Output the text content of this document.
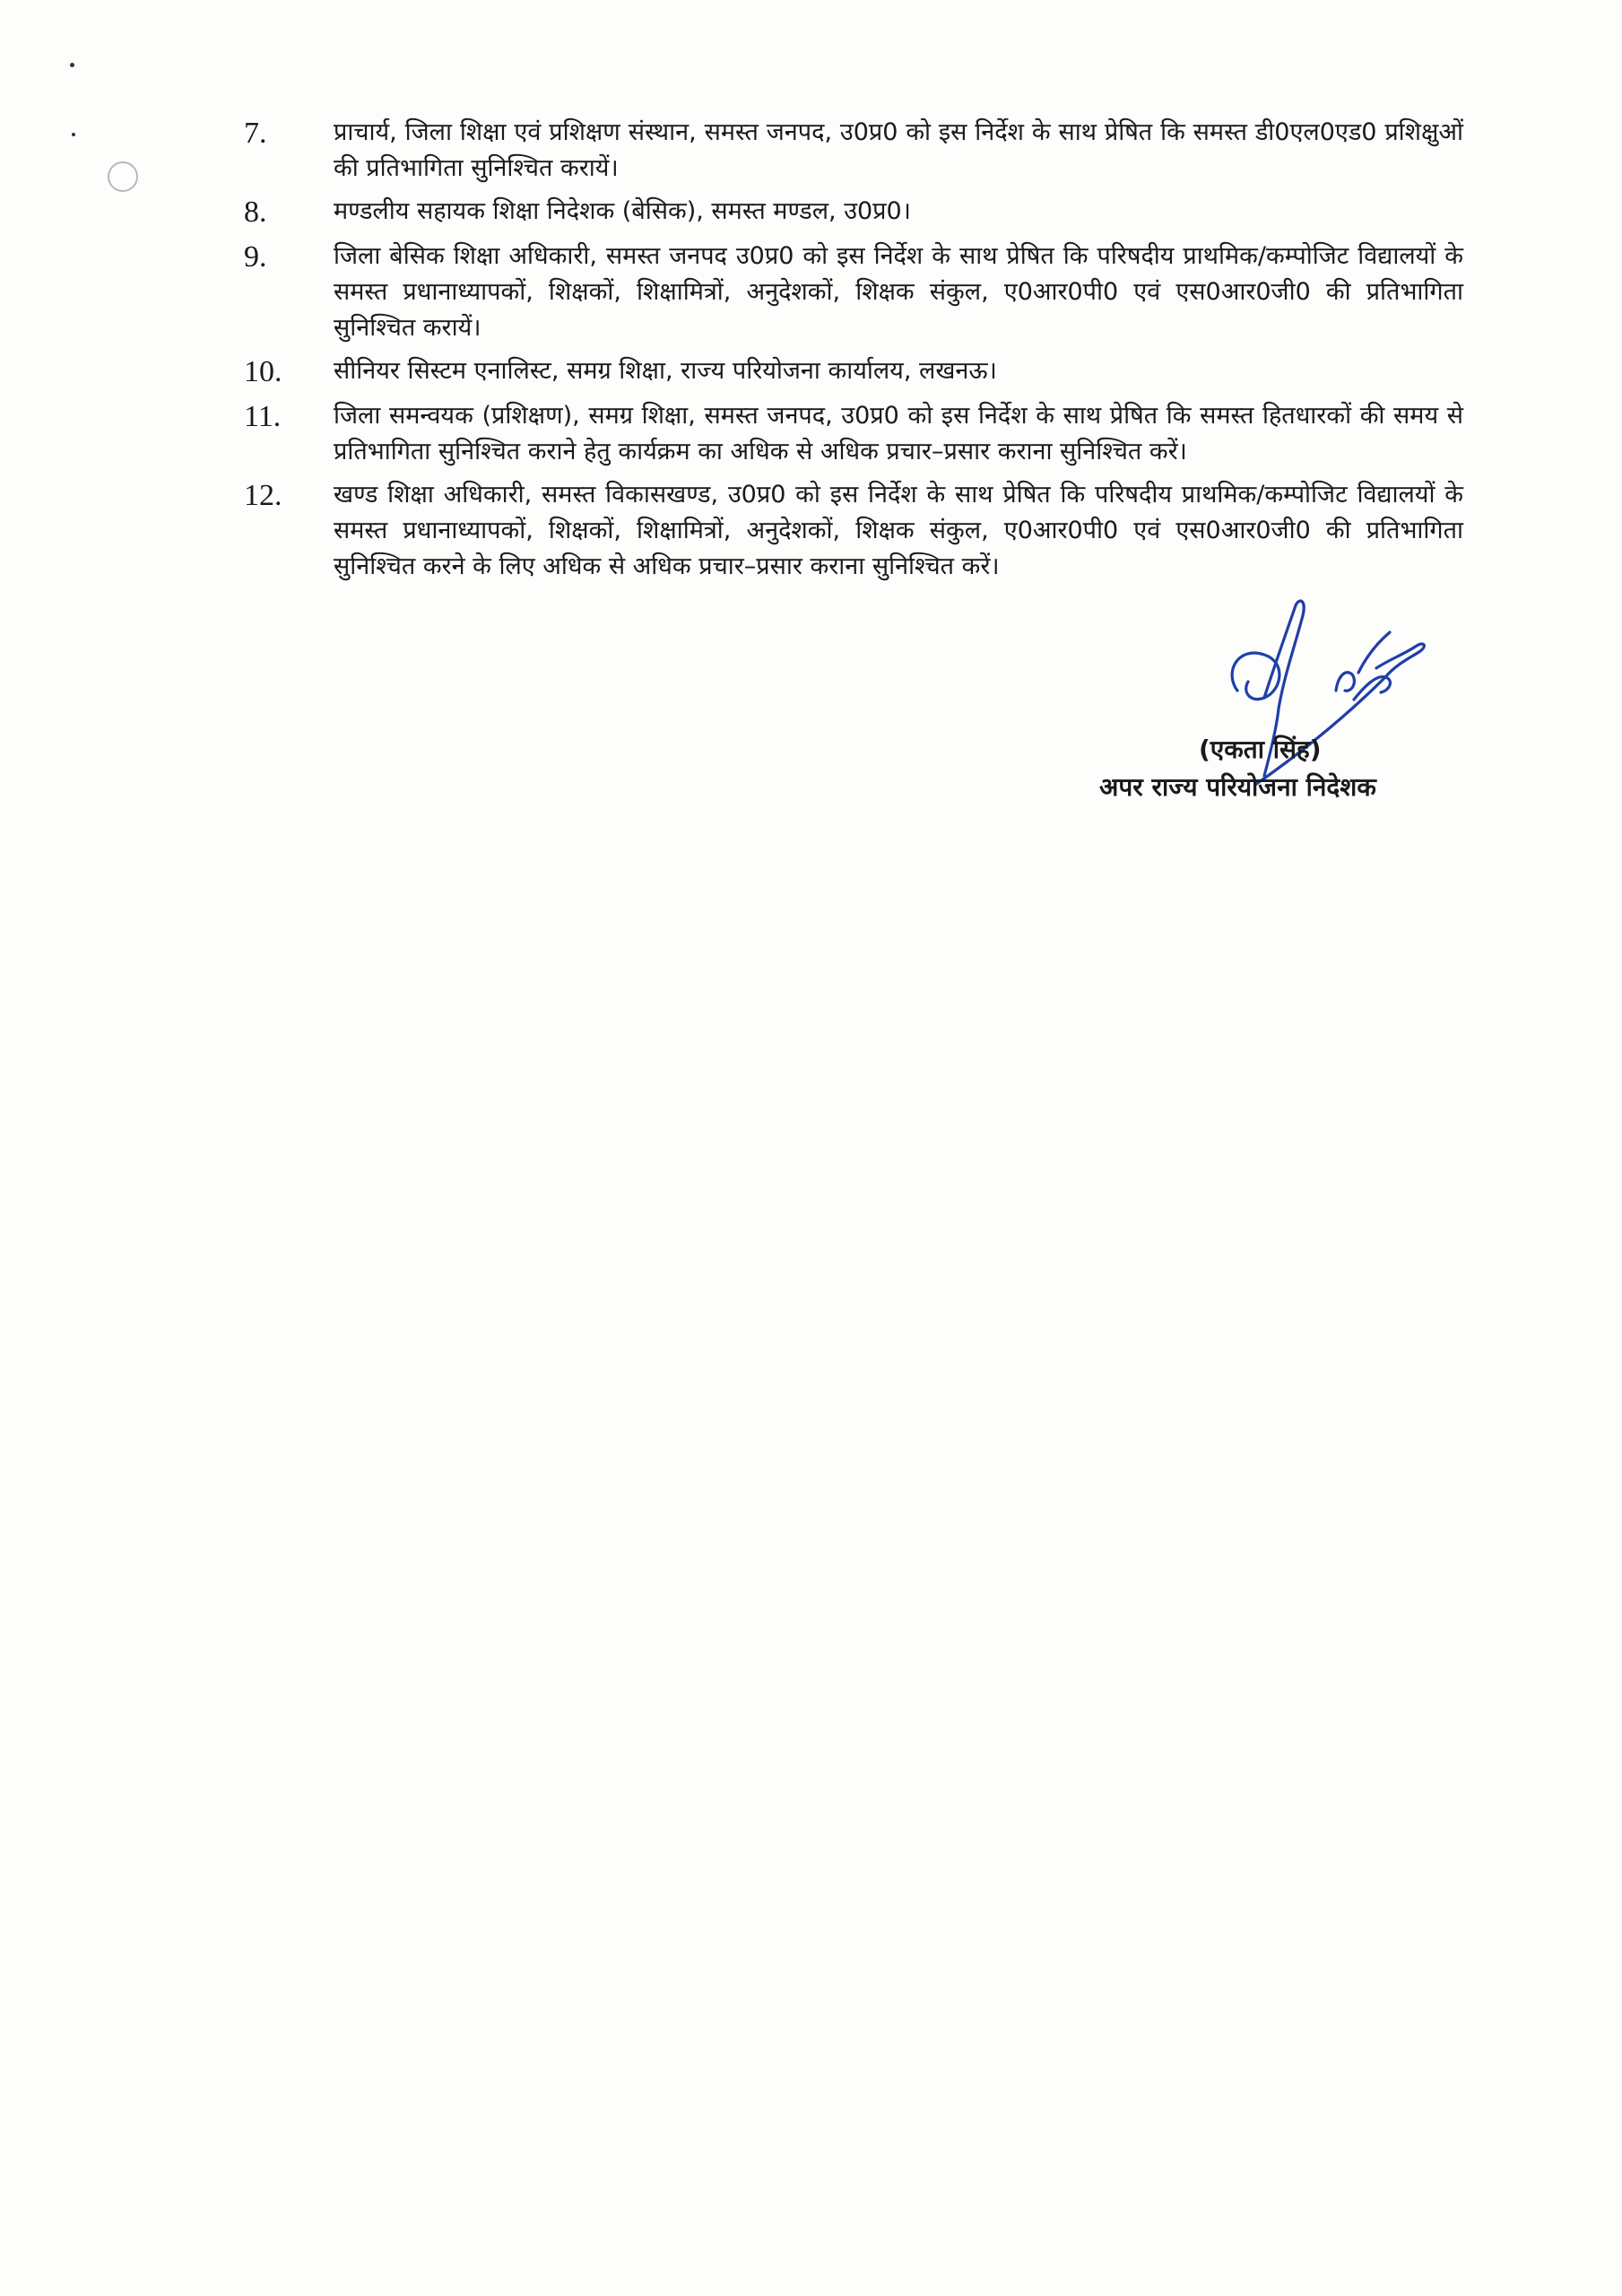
7.	प्राचार्य, जिला शिक्षा एवं प्रशिक्षण संस्थान, समस्त जनपद, उ0प्र0 को इस निर्देश के साथ प्रेषित कि समस्त डी0एल0एड0 प्रशिक्षुओं की प्रतिभागिता सुनिश्चित करायें।
8.	मण्डलीय सहायक शिक्षा निदेशक (बेसिक), समस्त मण्डल, उ0प्र0।
9.	जिला बेसिक शिक्षा अधिकारी, समस्त जनपद उ0प्र0 को इस निर्देश के साथ प्रेषित कि परिषदीय प्राथमिक/कम्पोजिट विद्यालयों के समस्त प्रधानाध्यापकों, शिक्षकों, शिक्षामित्रों, अनुदेशकों, शिक्षक संकुल, ए0आर0पी0 एवं एस0आर0जी0 की प्रतिभागिता सुनिश्चित करायें।
10.	सीनियर सिस्टम एनालिस्ट, समग्र शिक्षा, राज्य परियोजना कार्यालय, लखनऊ।
11.	जिला समन्वयक (प्रशिक्षण), समग्र शिक्षा, समस्त जनपद, उ0प्र0 को इस निर्देश के साथ प्रेषित कि समस्त हितधारकों की समय से प्रतिभागिता सुनिश्चित कराने हेतु कार्यक्रम का अधिक से अधिक प्रचार–प्रसार कराना सुनिश्चित करें।
12.	खण्ड शिक्षा अधिकारी, समस्त विकासखण्ड, उ0प्र0 को इस निर्देश के साथ प्रेषित कि परिषदीय प्राथमिक/कम्पोजिट विद्यालयों के समस्त प्रधानाध्यापकों, शिक्षकों, शिक्षामित्रों, अनुदेशकों, शिक्षक संकुल, ए0आर0पी0 एवं एस0आर0जी0 की प्रतिभागिता सुनिश्चित करने के लिए अधिक से अधिक प्रचार–प्रसार कराना सुनिश्चित करें।
(एकता सिंह)
अपर राज्य परियोजना निदेशक
